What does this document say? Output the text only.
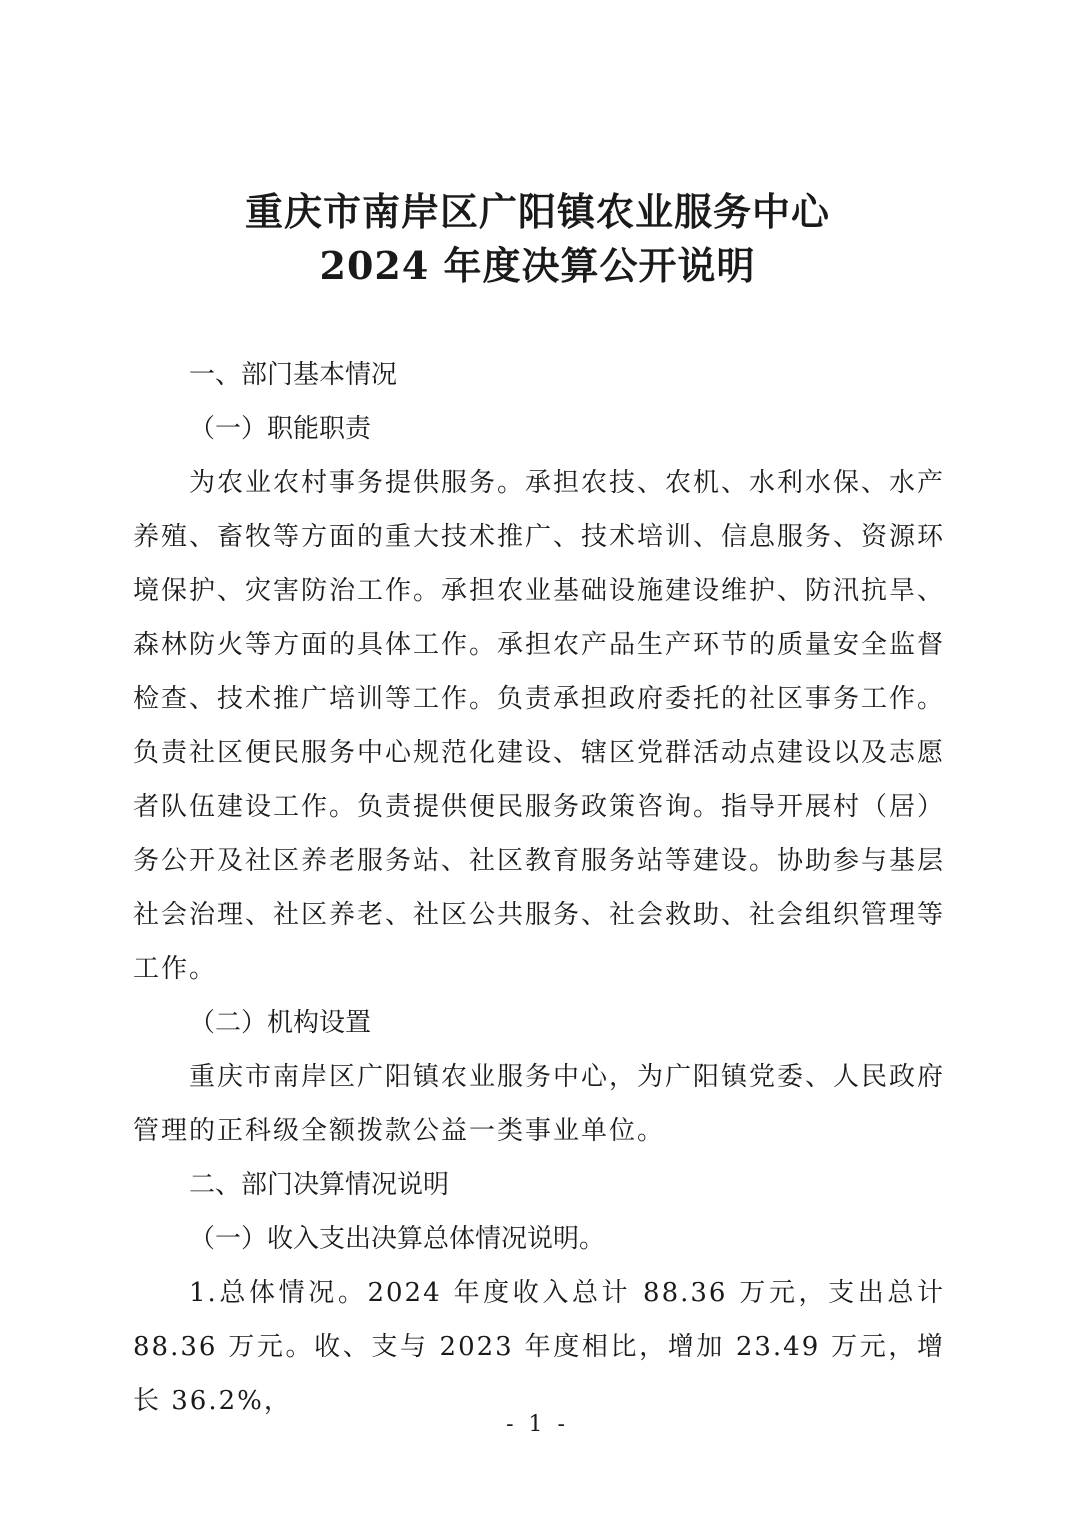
重庆市南岸区广阳镇农业服务中心
2024 年度决算公开说明

一、部门基本情况

（一）职能职责

为农业农村事务提供服务。承担农技、农机、水利水保、水产养殖、畜牧等方面的重大技术推广、技术培训、信息服务、资源环境保护、灾害防治工作。承担农业基础设施建设维护、防汛抗旱、森林防火等方面的具体工作。承担农产品生产环节的质量安全监督检查、技术推广培训等工作。负责承担政府委托的社区事务工作。负责社区便民服务中心规范化建设、辖区党群活动点建设以及志愿者队伍建设工作。负责提供便民服务政策咨询。指导开展村（居）务公开及社区养老服务站、社区教育服务站等建设。协助参与基层社会治理、社区养老、社区公共服务、社会救助、社会组织管理等工作。

（二）机构设置

重庆市南岸区广阳镇农业服务中心，为广阳镇党委、人民政府管理的正科级全额拨款公益一类事业单位。

二、部门决算情况说明

（一）收入支出决算总体情况说明。

1.总体情况。2024 年度收入总计 88.36 万元，支出总计 88.36 万元。收、支与 2023 年度相比，增加 23.49 万元，增长 36.2%，

- 1 -
